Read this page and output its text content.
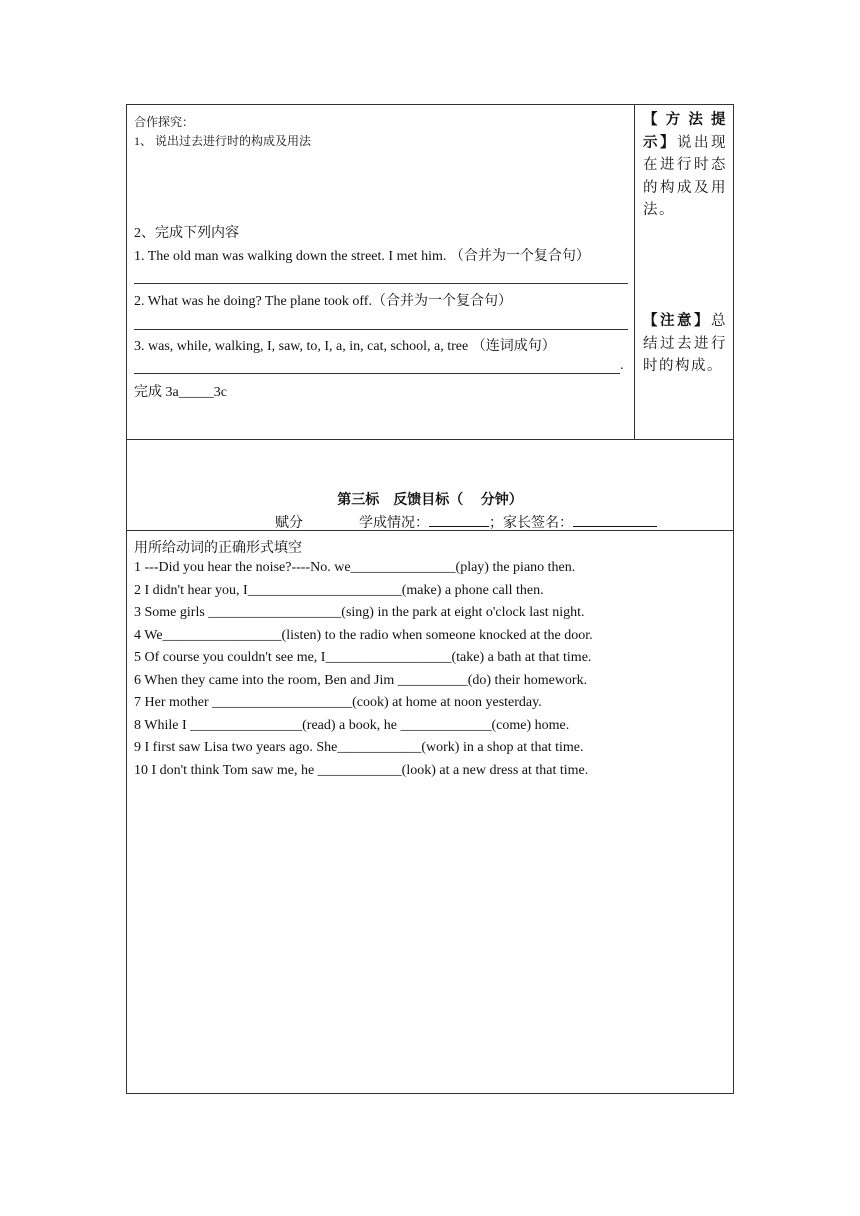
合作探究：
1、 说出过去进行时的构成及用法
2、完成下列内容
1. The old man was walking down the street. I met him. （合并为一个复合句）
2. What was he doing? The plane took off.（合并为一个复合句）
3. was, while, walking, I, saw, to, I, a, in, cat, school, a, tree （连词成句）
.
完成 3a_____3c
【方法提示】说出现在进行时态的构成及用法。
【注意】总结过去进行时的构成。
第三标　反馈目标（　 分钟）
赋分	学成情况：	；家长签名：
用所给动词的正确形式填空
1 ---Did you hear the noise?----No. we_______________(play) the piano then.
2 I didn't hear you, I______________________(make) a phone call then.
3 Some girls ___________________(sing) in the park at eight o'clock last night.
4 We_________________(listen) to the radio when someone knocked at the door.
5 Of course you couldn't see me, I__________________(take) a bath at that time.
6 When they came into the room, Ben and Jim __________(do) their homework.
7 Her mother ____________________(cook) at home at noon yesterday.
8 While I ________________(read) a book, he _____________(come) home.
9 I first saw Lisa two years ago. She____________(work) in a shop at that time.
10 I don't think Tom saw me, he ____________(look) at a new dress at that time.
